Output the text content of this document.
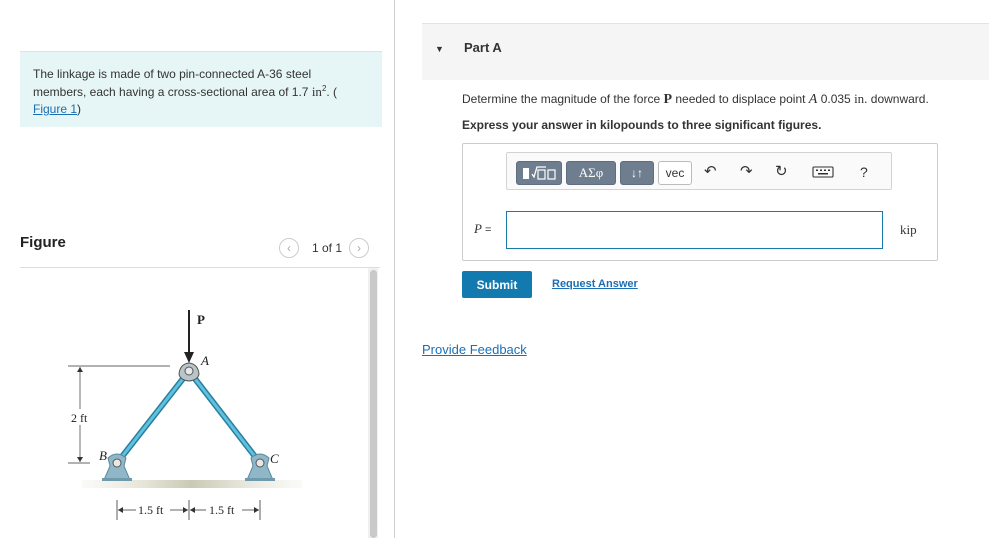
The linkage is made of two pin-connected A-36 steel
members, each having a cross-sectional area of 1.7 $in^2$. (
Figure 1)
Figure	‹	1 of 1	›
P
A
B	C
2 ft
1.5 ft	1.5 ft
▼ Part A
Determine the magnitude of the force P needed to displace point A 0.035 in. downward.
Express your answer in kilopounds to three significant figures.
ΑΣφ ↓↑ vec ↶ ↷ ↻	?
P =	kip
Submit	Request Answer
Provide Feedback
